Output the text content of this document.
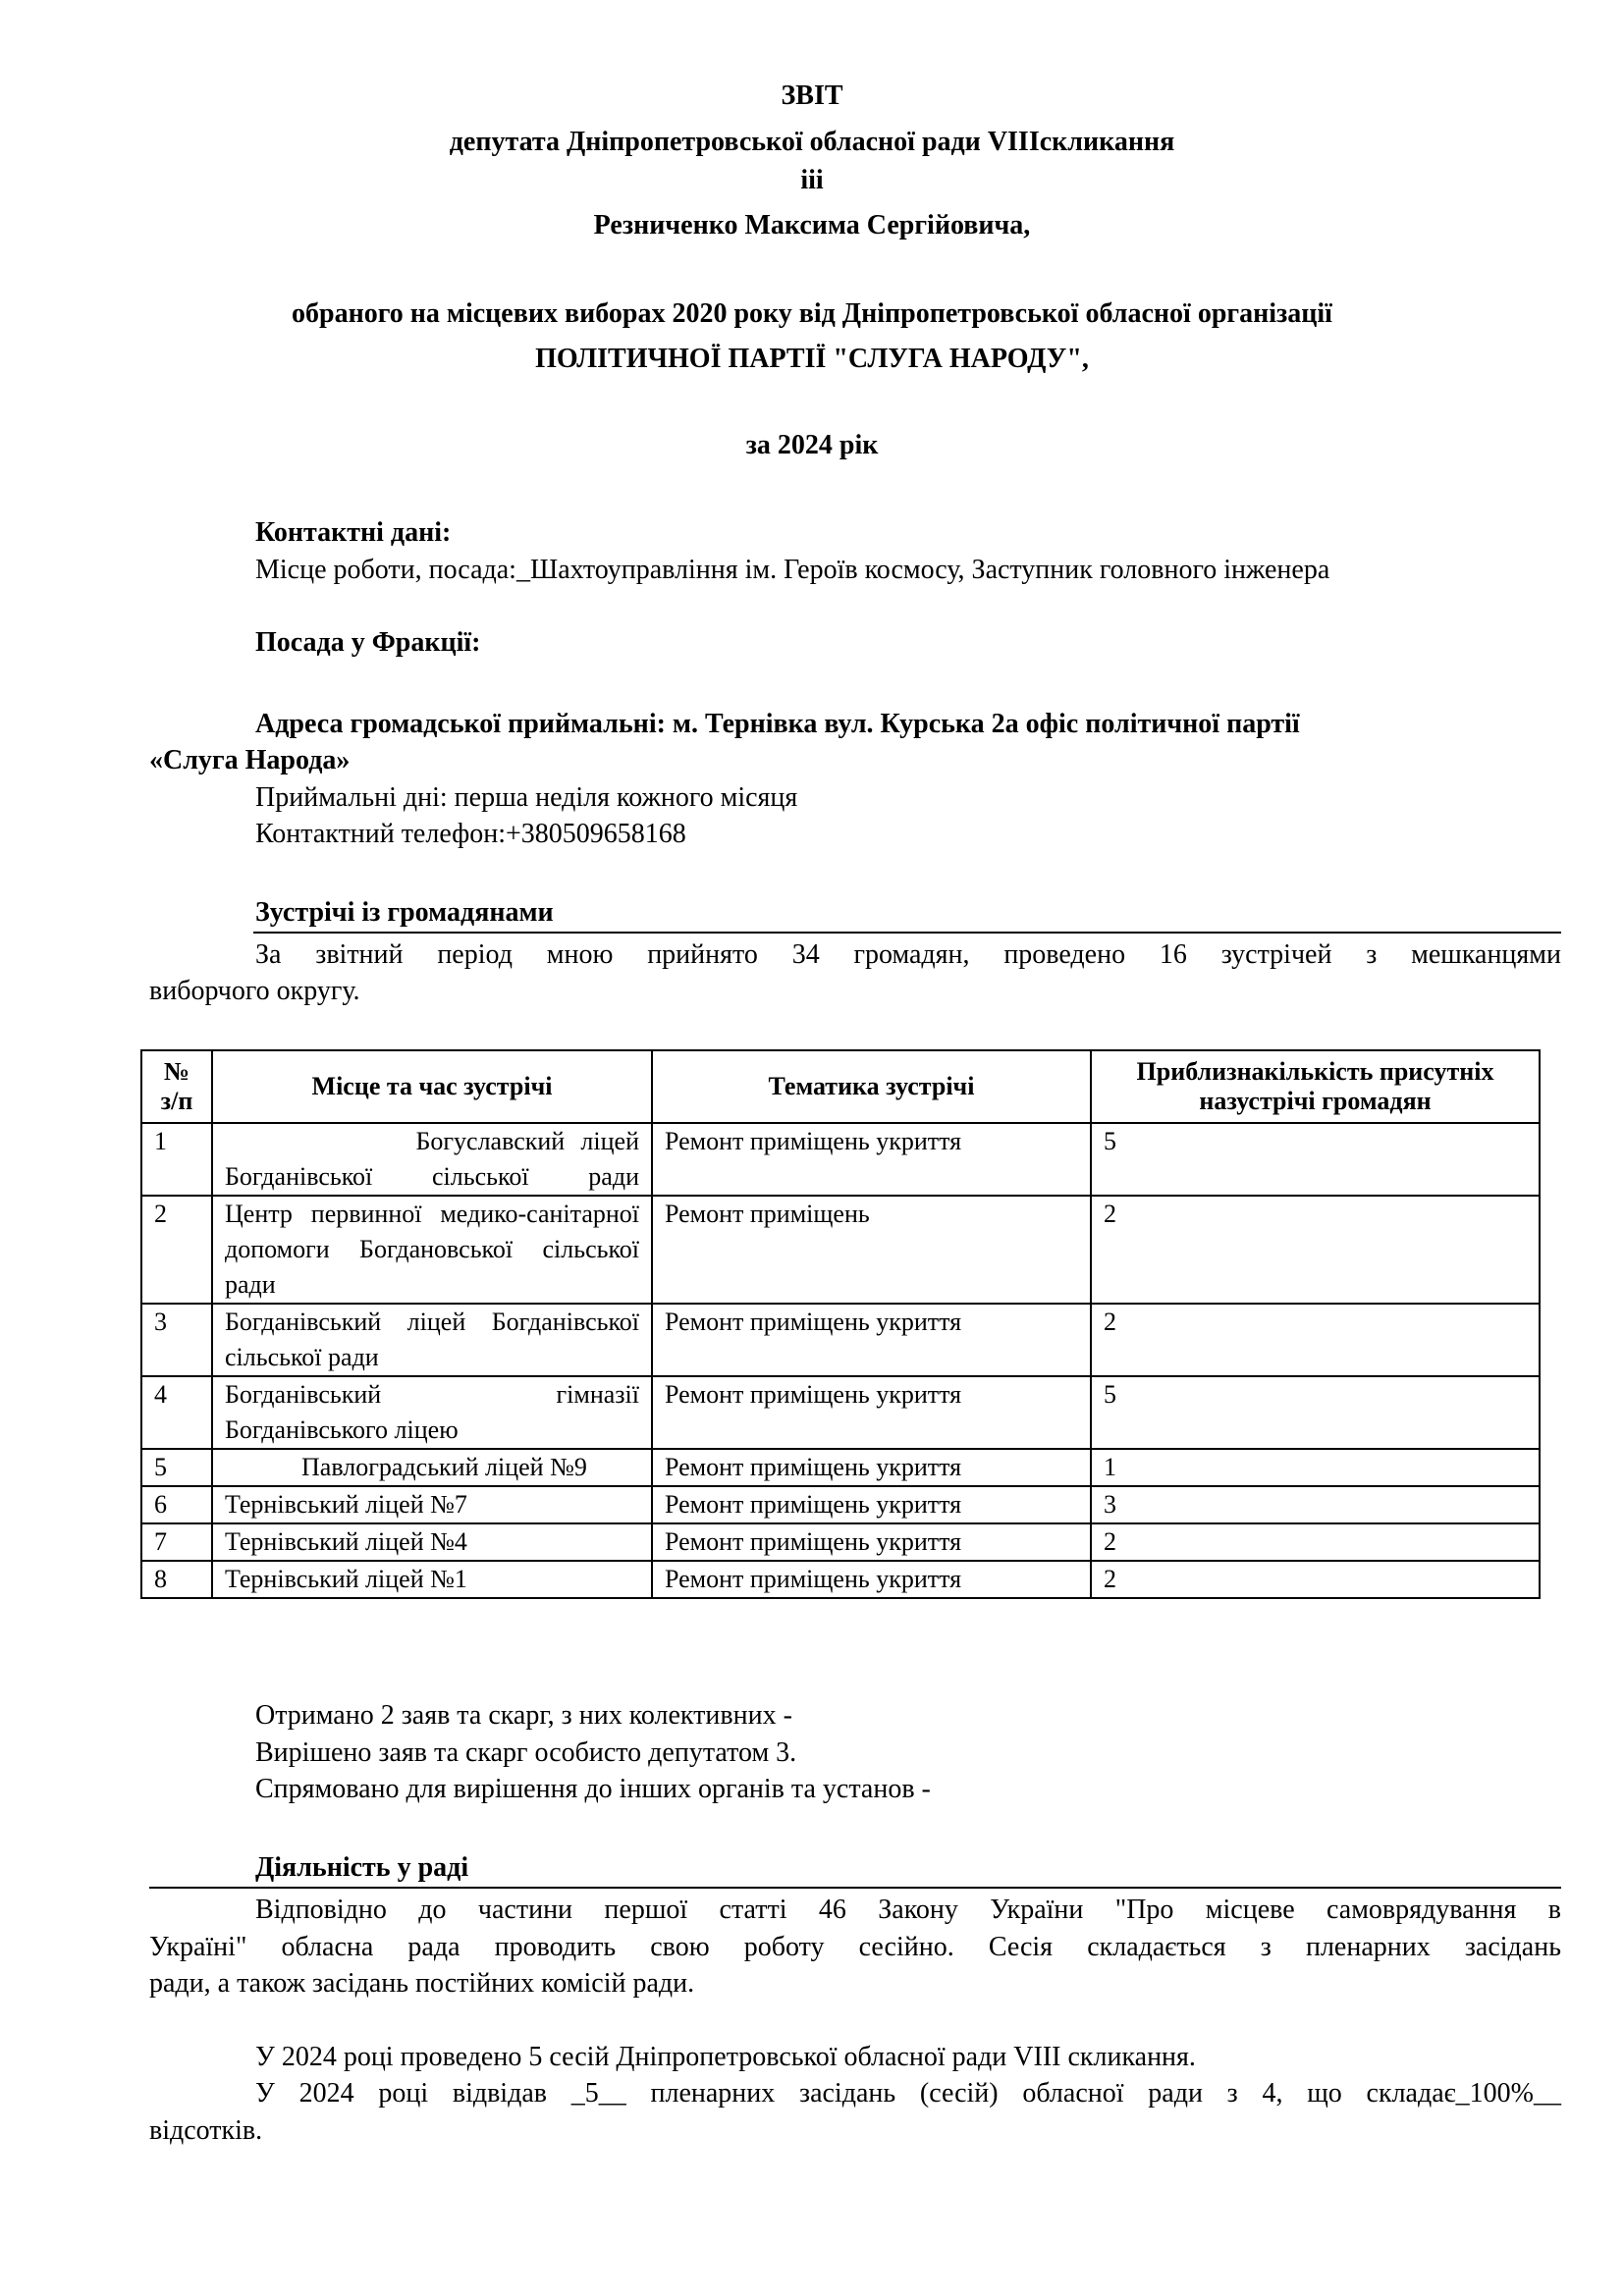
ЗВІТ
депутата Дніпропетровської обласної ради VIIIскликання
ііі
Резниченко Максима Сергійовича,
обраного на місцевих виборах 2020 року від Дніпропетровської обласної організації
ПОЛІТИЧНОЇ ПАРТІЇ "СЛУГА НАРОДУ",
за 2024 рік
Контактні дані:
Місце роботи, посада:_Шахтоуправління ім. Героїв космосу, Заступник головного інженера
Посада у Фракції:
Адреса громадської приймальні: м. Тернівка вул. Курська 2а офіс політичної партії
«Слуга Народа»
Приймальні дні: перша неділя кожного місяця
Контактний телефон:+380509658168
Зустрічі із громадянами
За звітний період мною прийнято 34 громадян, проведено 16 зустрічей з мешканцями
виборчого округу.
№
з/п	Місце та час зустрічі	Тематика зустрічі	Приблизнакількість присутніх назустрічі громадян
1	Богуславский ліцей Богданівської сільської ради	Ремонт приміщень укриття	5
2	Центр первинної медико-санітарної допомоги Богдановської сільської ради	Ремонт приміщень	2
3	Богданівський ліцей Богданівської сільської ради	Ремонт приміщень укриття	2
4	Богданівський гімназії Богданівського ліцею	Ремонт приміщень укриття	5
5	Павлоградський ліцей №9	Ремонт приміщень укриття	1
6	Тернівський ліцей №7	Ремонт приміщень укриття	3
7	Тернівський ліцей №4	Ремонт приміщень укриття	2
8	Тернівський ліцей №1	Ремонт приміщень укриття	2
Отримано 2 заяв та скарг, з них колективних -
Вирішено заяв та скарг особисто депутатом 3.
Спрямовано для вирішення до інших органів та установ -
Діяльність у раді
Відповідно до частини першої статті 46 Закону України "Про місцеве самоврядування в
Україні" обласна рада проводить свою роботу сесійно. Сесія складається з пленарних засідань
ради, а також засідань постійних комісій ради.
У 2024 році проведено 5 сесій Дніпропетровської обласної ради VIII скликання.
У 2024 році відвідав _5__ пленарних засідань (сесій) обласної ради з 4, що складає_100%__
відсотків.
